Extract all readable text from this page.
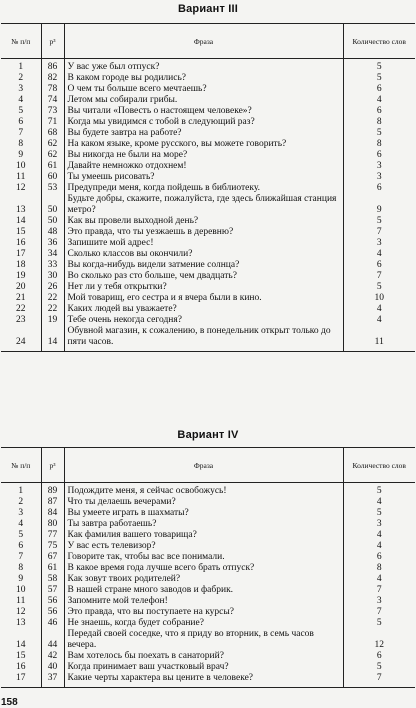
Вариант III
№ п/п	p³	Фраза	Количество слов

1	86	У вас уже был отпуск?	5
2	82	В каком городе вы родились?	5
3	78	О чем ты больше всего мечтаешь?	6
4	74	Летом мы собирали грибы.	4
5	73	Вы читали «Повесть о настоящем человеке»?	6
6	71	Когда мы увидимся с тобой в следующий раз?	8
7	68	Вы будете завтра на работе?	5
8	62	На каком языке, кроме русского, вы можете говорить?	8
9	62	Вы никогда не были на море?	6
10	61	Давайте немножко отдохнем!	3
11	60	Ты умеешь рисовать?	3
12	53	Предупреди меня, когда пойдешь в библиотеку.	6
13	50	Будьте добры, скажите, пожалуйста, где здесь ближайшая станция метро?	9
14	50	Как вы провели выходной день?	5
15	48	Это правда, что ты уезжаешь в деревню?	7
16	36	Запишите мой адрес!	3
17	34	Сколько классов вы окончили?	4
18	33	Вы когда-нибудь видели затмение солнца?	6
19	30	Во сколько раз сто больше, чем двадцать?	7
20	26	Нет ли у тебя открытки?	5
21	22	Мой товарищ, его сестра и я вчера были в кино.	10
22	22	Каких людей вы уважаете?	4
23	19	Тебе очень некогда сегодня?	4
24	14	Обувной магазин, к сожалению, в понедельник открыт только до пяти часов.	11

Вариант IV
№ п/п	p³	Фраза	Количество слов

1	89	Подождите меня, я сейчас освобожусь!	5
2	87	Что ты делаешь вечерами?	4
3	84	Вы умеете играть в шахматы?	5
4	80	Ты завтра работаешь?	3
5	77	Как фамилия вашего товарища?	4
6	75	У вас есть телевизор?	4
7	67	Говорите так, чтобы вас все понимали.	6
8	61	В какое время года лучше всего брать отпуск?	8
9	58	Как зовут твоих родителей?	4
10	57	В нашей стране много заводов и фабрик.	7
11	56	Запомните мой телефон!	3
12	56	Это правда, что вы поступаете на курсы?	7
13	46	Не знаешь, когда будет собрание?	5
14	44	Передай своей соседке, что я приду во вторник, в семь часов вечера.	12
15	42	Вам хотелось бы поехать в санаторий?	6
16	40	Когда принимает ваш участковый врач?	5
17	37	Какие черты характера вы цените в человеке?	7

158
